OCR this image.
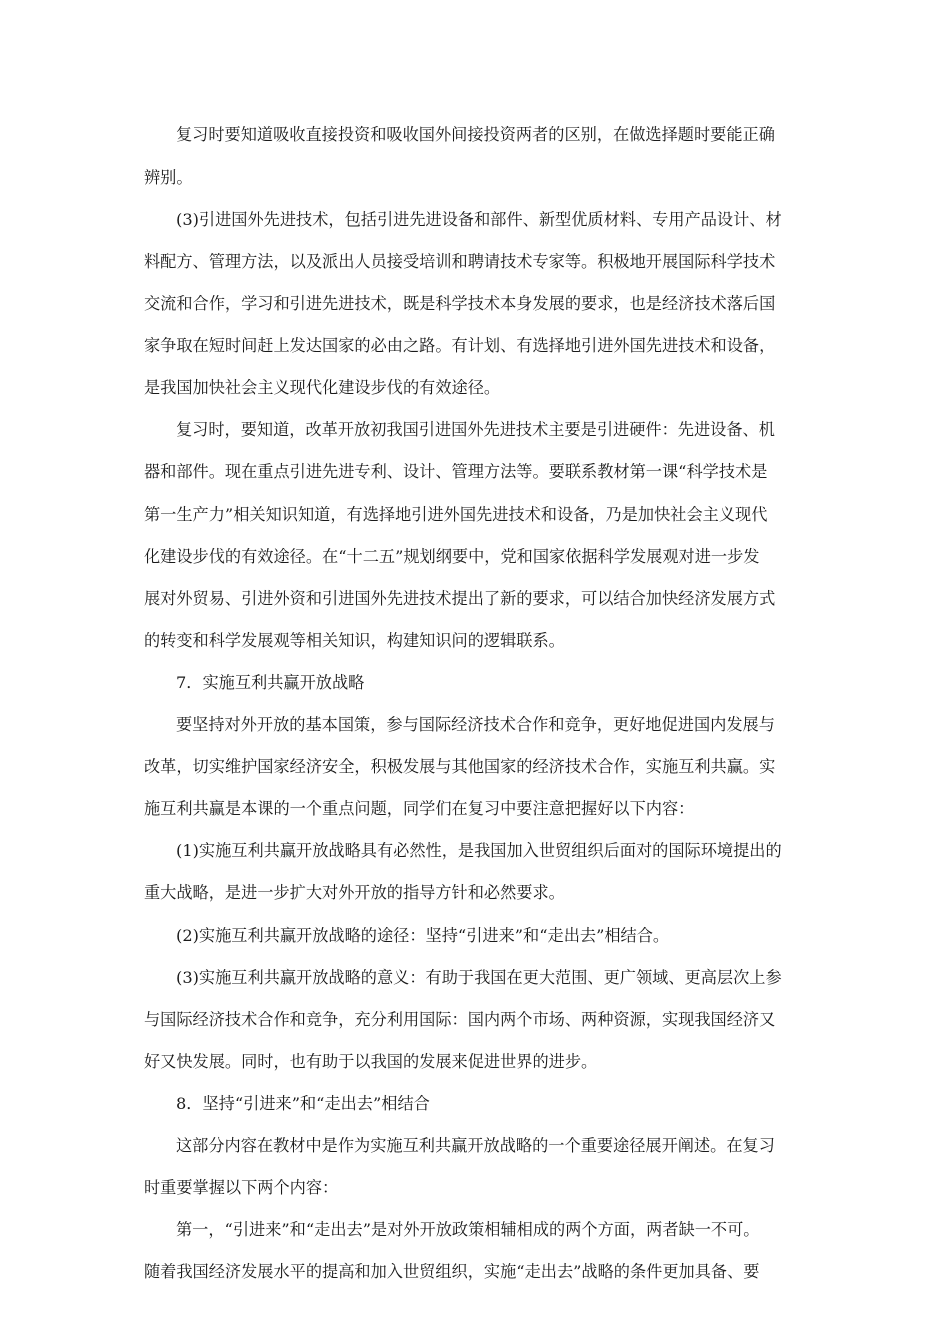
复习时要知道吸收直接投资和吸收国外间接投资两者的区别，在做选择题时要能正确
辨别。
(3)引进国外先进技术，包括引进先进设备和部件、新型优质材料、专用产品设计、材
料配方、管理方法，以及派出人员接受培训和聘请技术专家等。积极地开展国际科学技术
交流和合作，学习和引进先进技术，既是科学技术本身发展的要求，也是经济技术落后国
家争取在短时间赶上发达国家的必由之路。有计划、有选择地引进外国先进技术和设备，
是我国加快社会主义现代化建设步伐的有效途径。
复习时，要知道，改革开放初我国引进国外先进技术主要是引进硬件：先进设备、机
器和部件。现在重点引进先进专利、设计、管理方法等。要联系教材第一课“科学技术是
第一生产力”相关知识知道，有选择地引进外国先进技术和设备，乃是加快社会主义现代
化建设步伐的有效途径。在“十二五”规划纲要中，党和国家依据科学发展观对进一步发
展对外贸易、引进外资和引进国外先进技术提出了新的要求，可以结合加快经济发展方式
的转变和科学发展观等相关知识，构建知识问的逻辑联系。
7．实施互利共赢开放战略
要坚持对外开放的基本国策，参与国际经济技术合作和竞争，更好地促进国内发展与
改革，切实维护国家经济安全，积极发展与其他国家的经济技术合作，实施互利共赢。实
施互利共赢是本课的一个重点问题，同学们在复习中要注意把握好以下内容：
(1)实施互利共赢开放战略具有必然性，是我国加入世贸组织后面对的国际环境提出的
重大战略，是进一步扩大对外开放的指导方针和必然要求。
(2)实施互利共赢开放战略的途径：坚持“引进来”和“走出去”相结合。
(3)实施互利共赢开放战略的意义：有助于我国在更大范围、更广领域、更高层次上参
与国际经济技术合作和竞争，充分利用国际：国内两个市场、两种资源，实现我国经济又
好又快发展。同时，也有助于以我国的发展来促进世界的进步。
8．坚持“引进来”和“走出去”相结合
这部分内容在教材中是作为实施互利共赢开放战略的一个重要途径展开阐述。在复习
时重要掌握以下两个内容：
第一，“引进来”和“走出去”是对外开放政策相辅相成的两个方面，两者缺一不可。
随着我国经济发展水平的提高和加入世贸组织，实施“走出去”战略的条件更加具备、要
